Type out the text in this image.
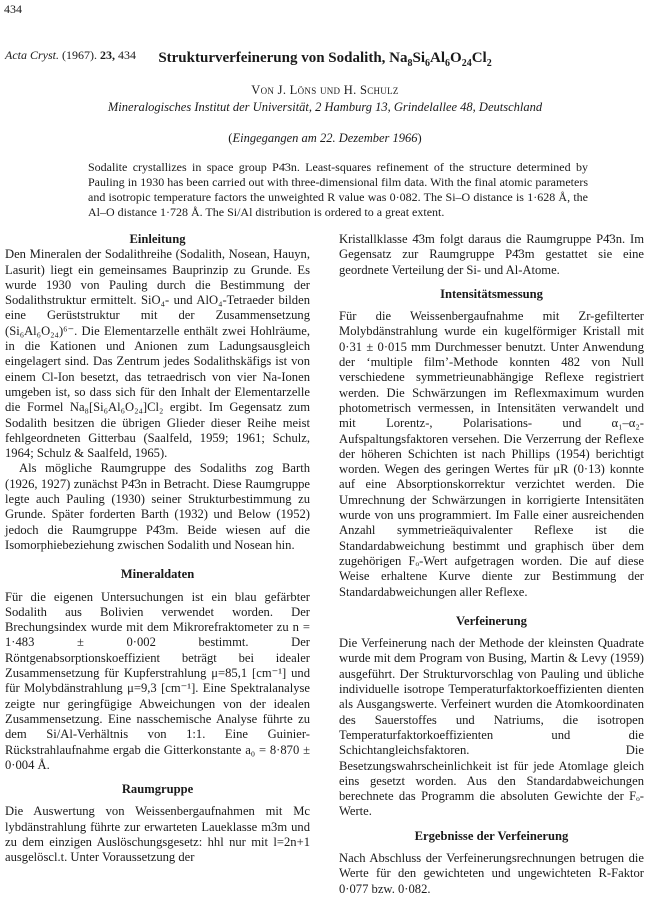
434
Acta Cryst. (1967). 23, 434	Strukturverfeinerung von Sodalith, $Na_8Si_6Al_6O_{24}Cl_2$
Von J. Löns und H. Schulz
Mineralogisches Institut der Universität, 2 Hamburg 13, Grindelallee 48, Deutschland
(Eingegangen am 22. Dezember 1966)
Sodalite crystallizes in space group P4̄3n. Least-squares refinement of the structure determined by Pauling in 1930 has been carried out with three-dimensional film data. With the final atomic parameters and isotropic temperature factors the unweighted R value was 0·082. The Si–O distance is 1·628 Å, the Al–O distance 1·728 Å. The Si/Al distribution is ordered to a great extent.
Einleitung

Den Mineralen der Sodalithreihe (Sodalith, Nosean, Hauyn, Lasurit) liegt ein gemeinsames Bauprinzip zu Grunde. Es wurde 1930 von Pauling durch die Bestimmung der Sodalithstruktur ermittelt. SiO₄- und AlO₄-Tetraeder bilden eine Gerüststruktur mit der Zusammensetzung (Si₆Al₆O₂₄)⁶⁻. Die Elementarzelle enthält zwei Hohlräume, in die Kationen und Anionen zum Ladungsausgleich eingelagert sind. Das Zentrum jedes Sodalithskäfigs ist von einem Cl-Ion besetzt, das tetraedrisch von vier Na-Ionen umgeben ist, so dass sich für den Inhalt der Elementarzelle die Formel Na₈[Si₆Al₆O₂₄]Cl₂ ergibt. Im Gegensatz zum Sodalith besitzen die übrigen Glieder dieser Reihe meist fehlgeordneten Gitterbau (Saalfeld, 1959; 1961; Schulz, 1964; Schulz & Saalfeld, 1965).

Als mögliche Raumgruppe des Sodaliths zog Barth (1926, 1927) zunächst P4̄3n in Betracht. Diese Raumgruppe legte auch Pauling (1930) seiner Strukturbestimmung zu Grunde. Später forderten Barth (1932) und Below (1952) jedoch die Raumgruppe P4̄3m. Beide wiesen auf die Isomorphiebeziehung zwischen Sodalith und Nosean hin.

Mineraldaten

Für die eigenen Untersuchungen ist ein blau gefärbter Sodalith aus Bolivien verwendet worden. Der Brechungsindex wurde mit dem Mikrorefraktometer zu n = 1·483 ± 0·002 bestimmt. Der Röntgenabsorptionskoeffizient beträgt bei idealer Zusammensetzung für Kupferstrahlung μ=85,1 [cm⁻¹] und für Molybdänstrahlung μ=9,3 [cm⁻¹]. Eine Spektralanalyse zeigte nur geringfügige Abweichungen von der idealen Zusammensetzung. Eine nasschemische Analyse führte zu dem Si/Al-Verhältnis von 1:1. Eine Guinier-Rückstrahlaufnahme ergab die Gitterkonstante a₀ = 8·870 ± 0·004 Å.

Raumgruppe

Die Auswertung von Weissenbergaufnahmen mit Mc lybdänstrahlung führte zur erwarteten Laueklasse m3m und zu dem einzigen Auslöschungsgesetz: hhl nur mit l=2n+1 ausgelöscl.t. Unter Voraussetzung der

Kristallklasse 4̄3m folgt daraus die Raumgruppe P4̄3n. Im Gegensatz zur Raumgruppe P4̄3m gestattet sie eine geordnete Verteilung der Si- und Al-Atome.

Intensitätsmessung

Für die Weissenbergaufnahme mit Zr-gefilterter Molybdänstrahlung wurde ein kugelförmiger Kristall mit 0·31 ± 0·015 mm Durchmesser benutzt. Unter Anwendung der ‘multiple film’-Methode konnten 482 von Null verschiedene symmetrieunabhängige Reflexe registriert werden. Die Schwärzungen im Reflexmaximum wurden photometrisch vermessen, in Intensitäten verwandelt und mit Lorentz-, Polarisations- und α₁–α₂-Aufspaltungsfaktoren versehen. Die Verzerrung der Reflexe der höheren Schichten ist nach Phillips (1954) berichtigt worden. Wegen des geringen Wertes für μR (0·13) konnte auf eine Absorptionskorrektur verzichtet werden. Die Umrechnung der Schwärzungen in korrigierte Intensitäten wurde von uns programmiert. Im Falle einer ausreichenden Anzahl symmetrieäquivalenter Reflexe ist die Standardabweichung bestimmt und graphisch über dem zugehörigen Fₒ-Wert aufgetragen worden. Die auf diese Weise erhaltene Kurve diente zur Bestimmung der Standardabweichungen aller Reflexe.

Verfeinerung

Die Verfeinerung nach der Methode der kleinsten Quadrate wurde mit dem Program von Busing, Martin & Levy (1959) ausgeführt. Der Strukturvorschlag von Pauling und übliche individuelle isotrope Temperaturfaktorkoeffizienten dienten als Ausgangswerte. Verfeinert wurden die Atomkoordinaten des Sauerstoffes und Natriums, die isotropen Temperaturfaktorkoeffizienten und die Schichtangleichsfaktoren. Die Besetzungswahrscheinlichkeit ist für jede Atomlage gleich eins gesetzt worden. Aus den Standardabweichungen berechnete das Programm die absoluten Gewichte der Fₒ-Werte.

Ergebnisse der Verfeinerung

Nach Abschluss der Verfeinerungsrechnungen betrugen die Werte für den gewichteten und ungewichteten R-Faktor 0·077 bzw. 0·082.
